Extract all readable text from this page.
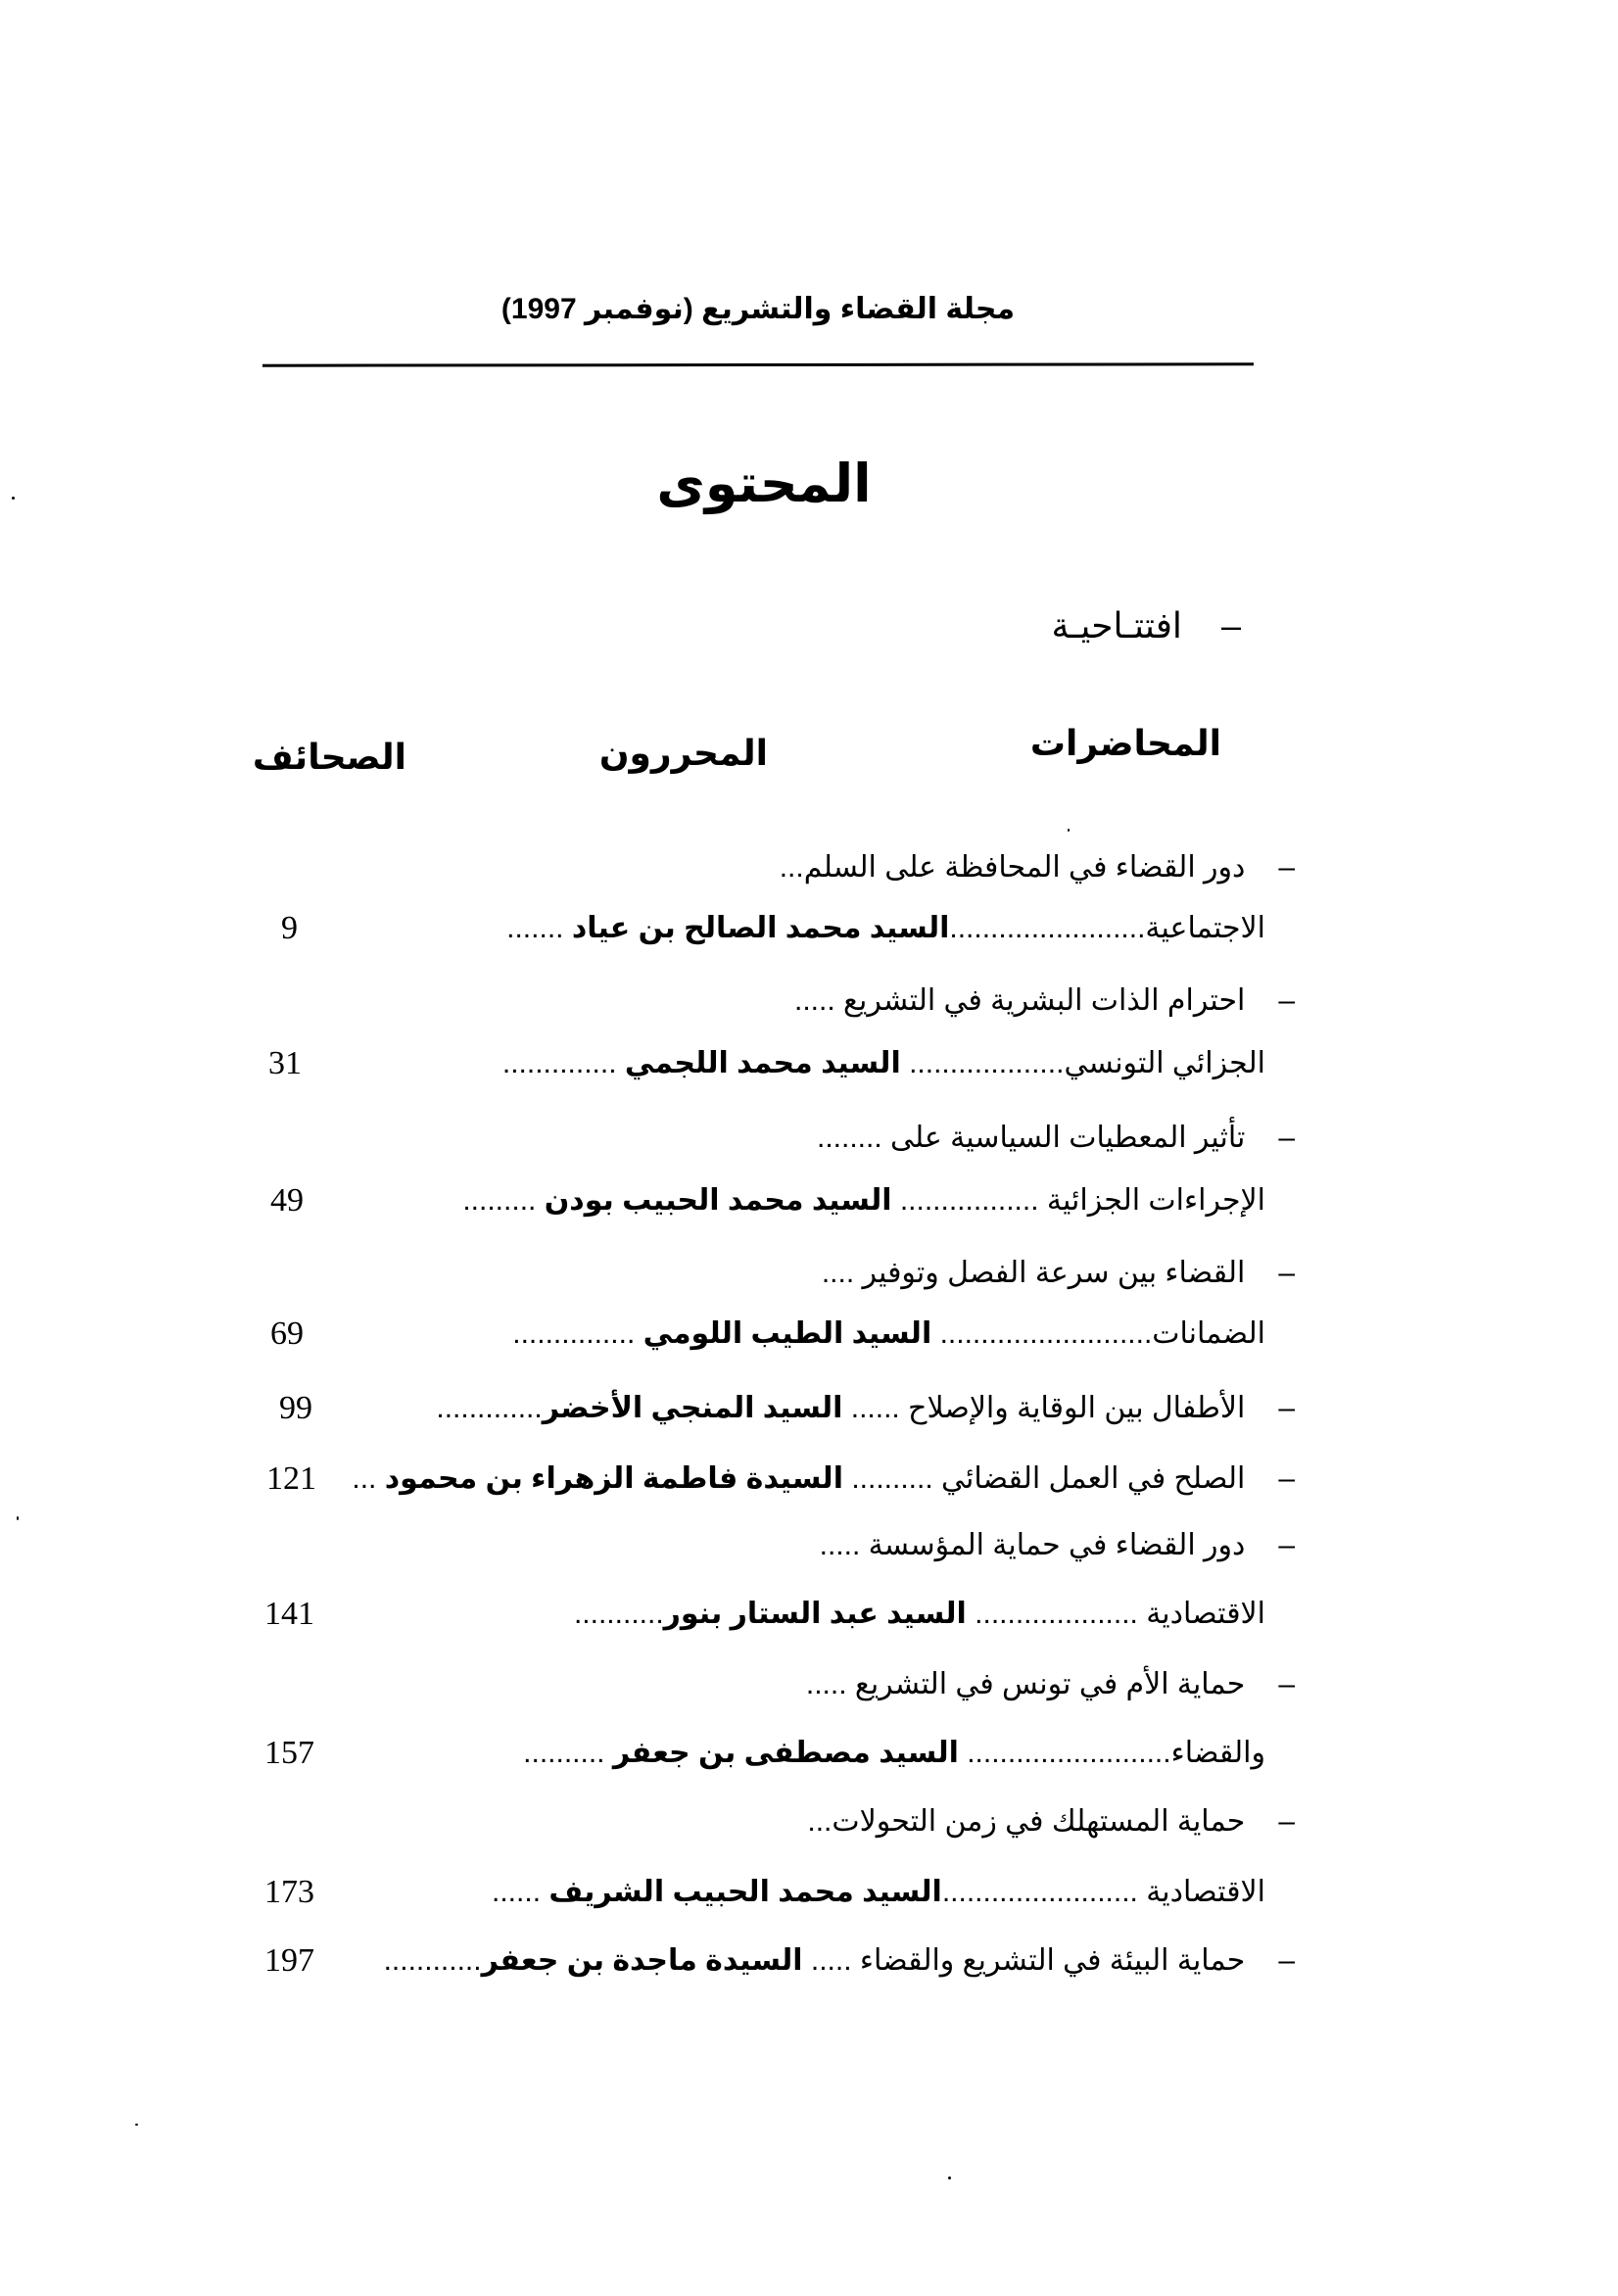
مجلة القضاء والتشريع (نوفمبر 1997)
المحتوى
–    افتتـاحيـة
المحاضرات
المحررون
الصحائف
–  دور القضاء في المحافظة على السلم...
الاجتماعية........................السيد محمد الصالح بن عياد .......
9
–  احترام الذات البشرية في التشريع .....
الجزائي التونسي................... السيد محمد اللجمي ..............
31
–  تأثير المعطيات السياسية على ........
الإجراءات الجزائية ................. السيد محمد الحبيب بودن .........
49
–  القضاء بين سرعة الفصل وتوفير ....
الضمانات.......................... السيد الطيب اللومي ...............
69
–  الأطفال بين الوقاية والإصلاح ...... السيد المنجي الأخضر.............
99
–  الصلح في العمل القضائي .......... السيدة فاطمة الزهراء بن محمود ...
121
–  دور القضاء في حماية المؤسسة .....
الاقتصادية .................... السيد عبد الستار بنور...........
141
–  حماية الأم في تونس في التشريع .....
والقضاء......................... السيد مصطفى بن جعفر ..........
157
–  حماية المستهلك في زمن التحولات...
الاقتصادية ........................السيد محمد الحبيب الشريف ......
173
–  حماية البيئة في التشريع والقضاء ..... السيدة ماجدة بن جعفر............
197
